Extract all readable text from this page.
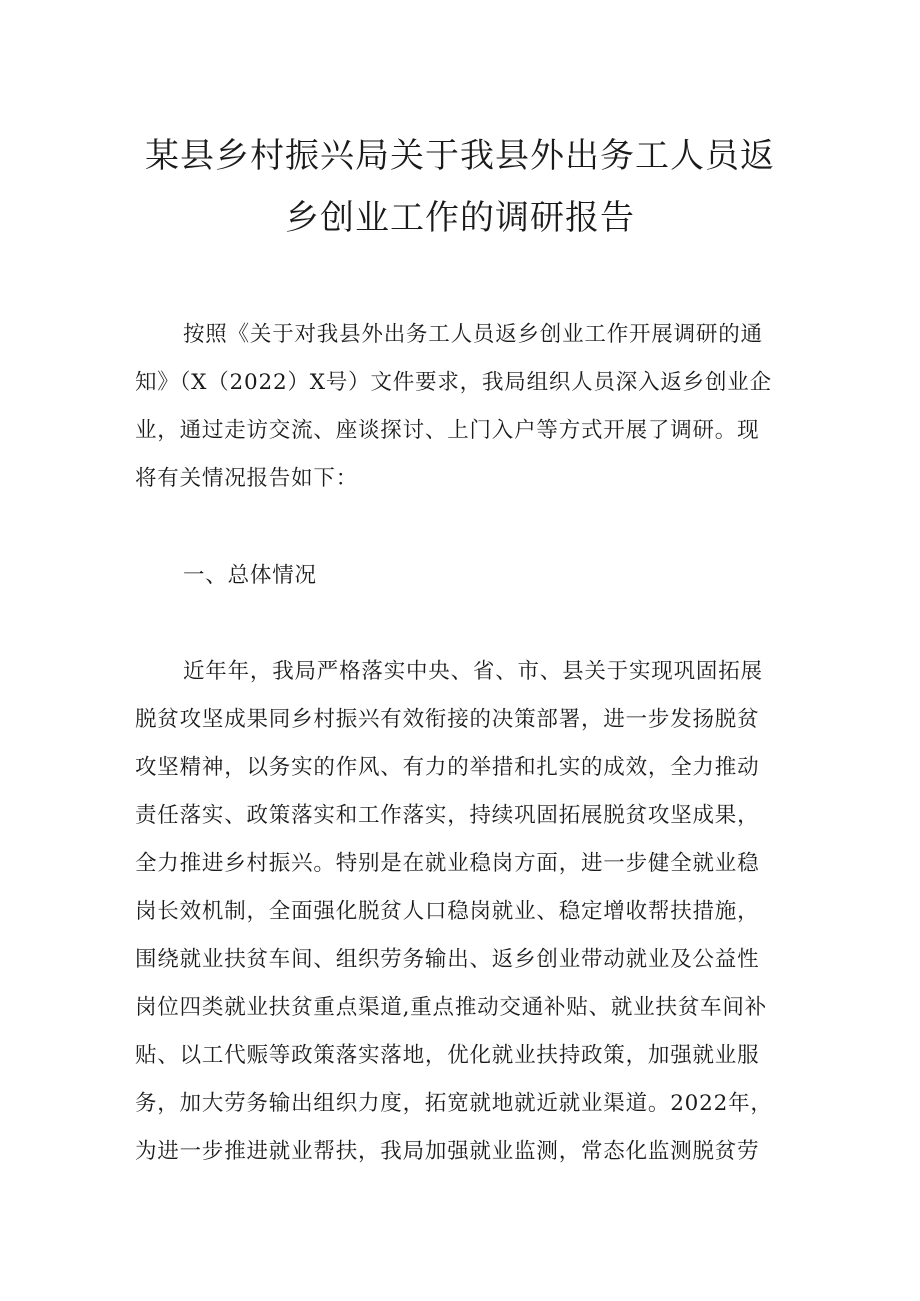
某县乡村振兴局关于我县外出务工人员返
乡创业工作的调研报告

按照《关于对我县外出务工人员返乡创业工作开展调研的通
知》（X（2022）X号）文件要求，我局组织人员深入返乡创业企
业，通过走访交流、座谈探讨、上门入户等方式开展了调研。现
将有关情况报告如下：

一、总体情况

近年年，我局严格落实中央、省、市、县关于实现巩固拓展
脱贫攻坚成果同乡村振兴有效衔接的决策部署，进一步发扬脱贫
攻坚精神，以务实的作风、有力的举措和扎实的成效，全力推动
责任落实、政策落实和工作落实，持续巩固拓展脱贫攻坚成果，
全力推进乡村振兴。特别是在就业稳岗方面，进一步健全就业稳
岗长效机制，全面强化脱贫人口稳岗就业、稳定增收帮扶措施，
围绕就业扶贫车间、组织劳务输出、返乡创业带动就业及公益性
岗位四类就业扶贫重点渠道,重点推动交通补贴、就业扶贫车间补
贴、以工代赈等政策落实落地，优化就业扶持政策，加强就业服
务，加大劳务输出组织力度，拓宽就地就近就业渠道。2022年，
为进一步推进就业帮扶，我局加强就业监测，常态化监测脱贫劳
